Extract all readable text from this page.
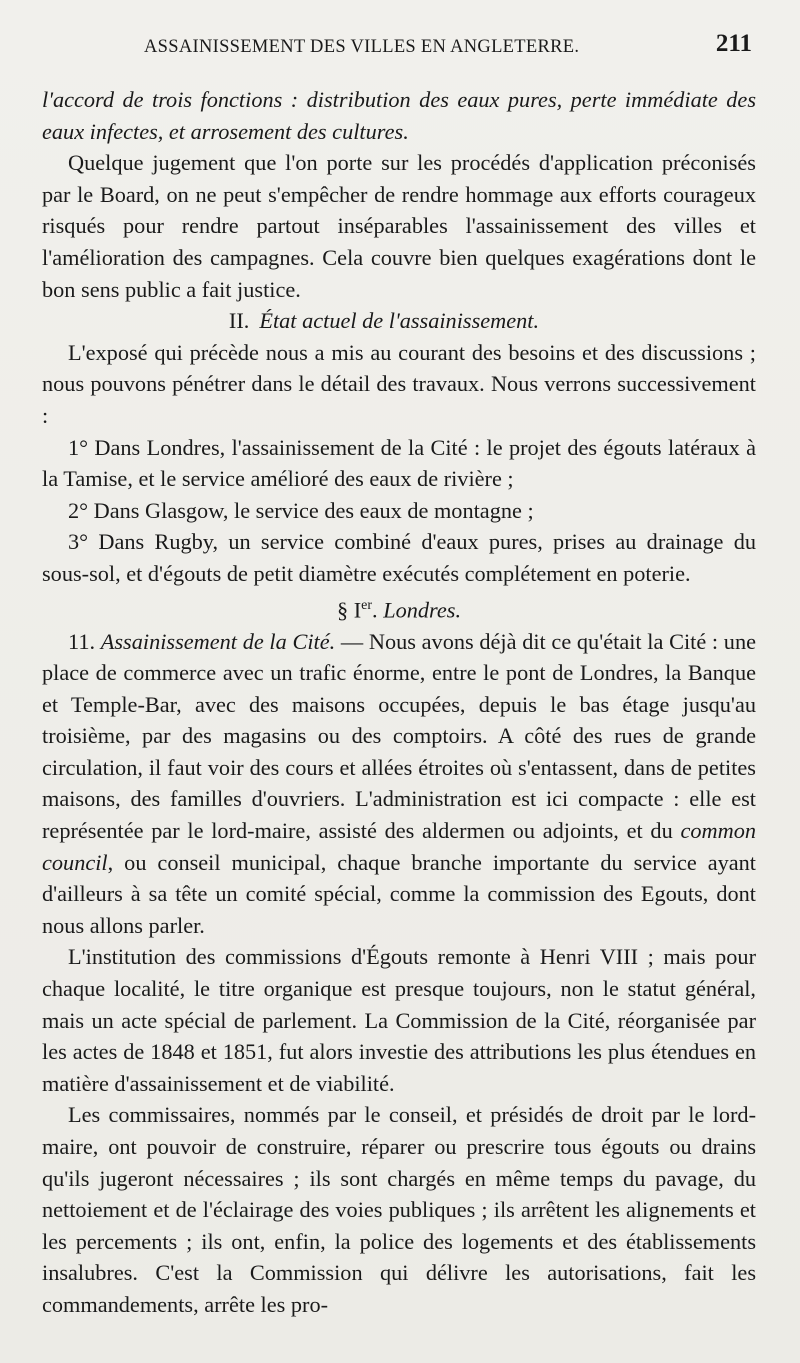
ASSAINISSEMENT DES VILLES EN ANGLETERRE.	211

l'accord de trois fonctions : distribution des eaux pures, perte immédiate des eaux infectes, et arrosement des cultures.

Quelque jugement que l'on porte sur les procédés d'application préconisés par le Board, on ne peut s'empêcher de rendre hommage aux efforts courageux risqués pour rendre partout inséparables l'assainissement des villes et l'amélioration des campagnes. Cela couvre bien quelques exagérations dont le bon sens public a fait justice.

II. État actuel de l'assainissement.

L'exposé qui précède nous a mis au courant des besoins et des discussions ; nous pouvons pénétrer dans le détail des travaux. Nous verrons successivement :

1° Dans Londres, l'assainissement de la Cité : le projet des égouts latéraux à la Tamise, et le service amélioré des eaux de rivière ;

2° Dans Glasgow, le service des eaux de montagne ;

3° Dans Rugby, un service combiné d'eaux pures, prises au drainage du sous-sol, et d'égouts de petit diamètre exécutés complétement en poterie.

§ Ier. Londres.

11. Assainissement de la Cité. — Nous avons déjà dit ce qu'était la Cité : une place de commerce avec un trafic énorme, entre le pont de Londres, la Banque et Temple-Bar, avec des maisons occupées, depuis le bas étage jusqu'au troisième, par des magasins ou des comptoirs. A côté des rues de grande circulation, il faut voir des cours et allées étroites où s'entassent, dans de petites maisons, des familles d'ouvriers. L'administration est ici compacte : elle est représentée par le lord-maire, assisté des aldermen ou adjoints, et du common council, ou conseil municipal, chaque branche importante du service ayant d'ailleurs à sa tête un comité spécial, comme la commission des Egouts, dont nous allons parler.

L'institution des commissions d'Égouts remonte à Henri VIII ; mais pour chaque localité, le titre organique est presque toujours, non le statut général, mais un acte spécial de parlement. La Commission de la Cité, réorganisée par les actes de 1848 et 1851, fut alors investie des attributions les plus étendues en matière d'assainissement et de viabilité.

Les commissaires, nommés par le conseil, et présidés de droit par le lord-maire, ont pouvoir de construire, réparer ou prescrire tous égouts ou drains qu'ils jugeront nécessaires ; ils sont chargés en même temps du pavage, du nettoiement et de l'éclairage des voies publiques ; ils arrêtent les alignements et les percements ; ils ont, enfin, la police des logements et des établissements insalubres. C'est la Commission qui délivre les autorisations, fait les commandements, arrête les pro-
